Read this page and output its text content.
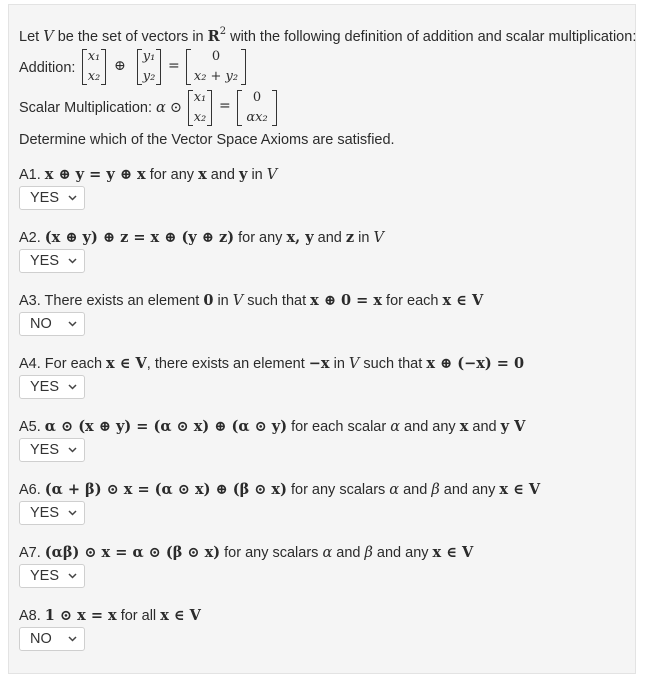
Let V be the set of vectors in $R^2$ with the following definition of addition and scalar multiplication:
Addition:
x₁
x₂
⊕
y₁
y₂
=
0
x₂ + y₂
Scalar Multiplication: α ⊙
x₁
x₂
=
0
αx₂
Determine which of the Vector Space Axioms are satisfied.
A1. x ⊕ y = y ⊕ x for any x and y in V
YES
A2. (x ⊕ y) ⊕ z = x ⊕ (y ⊕ z) for any x, y and z in V
YES
A3. There exists an element 0 in V such that x ⊕ 0 = x for each x ∈ V
NO
A4. For each x ∈ V, there exists an element −x in V such that x ⊕ (−x) = 0
YES
A5. α ⊙ (x ⊕ y) = (α ⊙ x) ⊕ (α ⊙ y) for each scalar α and any x and y V
YES
A6. (α + β) ⊙ x = (α ⊙ x) ⊕ (β ⊙ x) for any scalars α and β and any x ∈ V
YES
A7. (αβ) ⊙ x = α ⊙ (β ⊙ x) for any scalars α and β and any x ∈ V
YES
A8. 1 ⊙ x = x for all x ∈ V
NO
